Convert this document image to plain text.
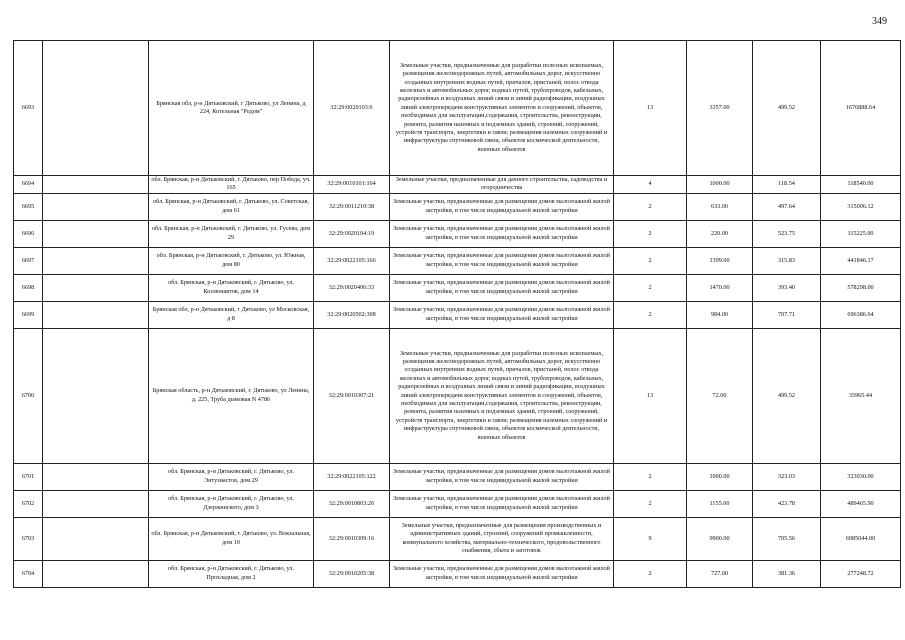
349
6693		Брянская обл, р-н Дятьковский, г Дятьково, ул Ленина, д 224, Котельная "Родом"	32:29:0020103:6	Земельные участки, предназначенные для разработки полезных ископаемых, размещения железнодорожных путей, автомобильных дорог, искусственно созданных внутренних водных путей, причалов, пристаней, полос отвода железных и автомобильных дорог, водных путей, трубопроводов, кабельных, радиорелейных и воздушных линий связи и линий радиофикации, воздушных линий электропередачи конструктивных элементов и сооружений, объектов, необходимых для эксплуатации,содержания, строительства, реконструкции, ремонта, развития наземных и подземных зданий, строений, сооружений, устройств транспорта, энергетики и связи; размещения наземных сооружений и инфраструктуры спутниковой связи, объектов космической деятельности, военных объектов	13	3357.00	499.52	1676888.64
6694		обл. Брянская, р-н Дятьковский, г. Дятьково, пер Победа, уч. 165	32:29:0010101:164	Земельные участки, предназначенные для дачного строительства, садоводства и огородничества	4	1000.00	118.54	118540.00
6695		обл. Брянская, р-н Дятьковский, г. Дятьково, ул. Советская, дом 61	32:29:0011210:38	Земельные участки, предназначенные для размещения домов малоэтажной жилой застройки, в том числе индивидуальной жилой застройки	2	633.00	497.64	315006.12
6696		обл. Брянская, р-н Дятьковский, г. Дятьково, ул. Гусева, дом 29	32:29:0020104:19	Земельные участки, предназначенные для размещения домов малоэтажной жилой застройки, в том числе индивидуальной жилой застройки	2	220.00	523.75	115225.00
6697		обл. Брянская, р-н Дятьковский, г. Дятьково, ул. Южная, дом 80	32:29:0022105:166	Земельные участки, предназначенные для размещения домов малоэтажной жилой застройки, в том числе индивидуальной жилой застройки	2	1399.00	315.83	441846.17
6698		обл. Брянская, р-н Дятьковский, г. Дятьково, ул. Космонавтов, дом 14	32:29:0020406:33	Земельные участки, предназначенные для размещения домов малоэтажной жилой застройки, в том числе индивидуальной жилой застройки	2	1470.00	393.40	578298.00
6699		Брянская обл, р-н Дятьковский, г Дятьково, ул Московская, д 8	32:29:0020502:308	Земельные участки, предназначенные для размещения домов малоэтажной жилой застройки, в том числе индивидуальной жилой застройки	2	984.00	707.71	696386.64
6700		Брянская область, р-н Дятьковский, г. Дятьково, ул Ленина, д. 225, Труба дымовая N 4786	32:29:0010307:21	Земельные участки, предназначенные для разработки полезных ископаемых, размещения железнодорожных путей, автомобильных дорог, искусственно созданных внутренних водных путей, причалов, пристаней, полос отвода железных и автомобильных дорог, водных путей, трубопроводов, кабельных, радиорелейных и воздушных линий связи и линий радиофикации, воздушных линий электропередачи конструктивных элементов и сооружений, объектов, необходимых для эксплуатации,содержания, строительства, реконструкции, ремонта, развития наземных и подземных зданий, строений, сооружений, устройств транспорта, энергетики и связи; размещения наземных сооружений и инфраструктуры спутниковой связи, объектов космической деятельности, военных объектов	13	72.00	499.52	35965.44
6701		обл. Брянская, р-н Дятьковский, г. Дятьково, ул. Энтузиастов, дом 29	32:29:0022105:122	Земельные участки, предназначенные для размещения домов малоэтажной жилой застройки, в том числе индивидуальной жилой застройки	2	1000.00	323.03	323030.00
6702		обл. Брянская, р-н Дятьковский, г. Дятьково, ул. Дзержинского, дом 3	32:29:0010803:26	Земельные участки, предназначенные для размещения домов малоэтажной жилой застройки, в том числе индивидуальной жилой застройки	2	1155.00	423.78	489465.90
6703		обл. Брянская, р-н Дятьковский, г. Дятьково, ул. Вокзальная, дом 10	32:29:0010309:16	Земельные участки, предназначенные для размещения производственных и административных зданий, строений, сооружений промышленности, коммунального хозяйства, материально-технического, продовольственного снабжения, сбыта и заготовок	9	9900.00	705.56	6985044.00
6704		обл. Брянская, р-н Дятьковский, г. Дятьково, ул. Прохладная, дом 2	32:29:0010205:38	Земельные участки, предназначенные для размещения домов малоэтажной жилой застройки, в том числе индивидуальной жилой застройки	2	727.00	381.36	277248.72
